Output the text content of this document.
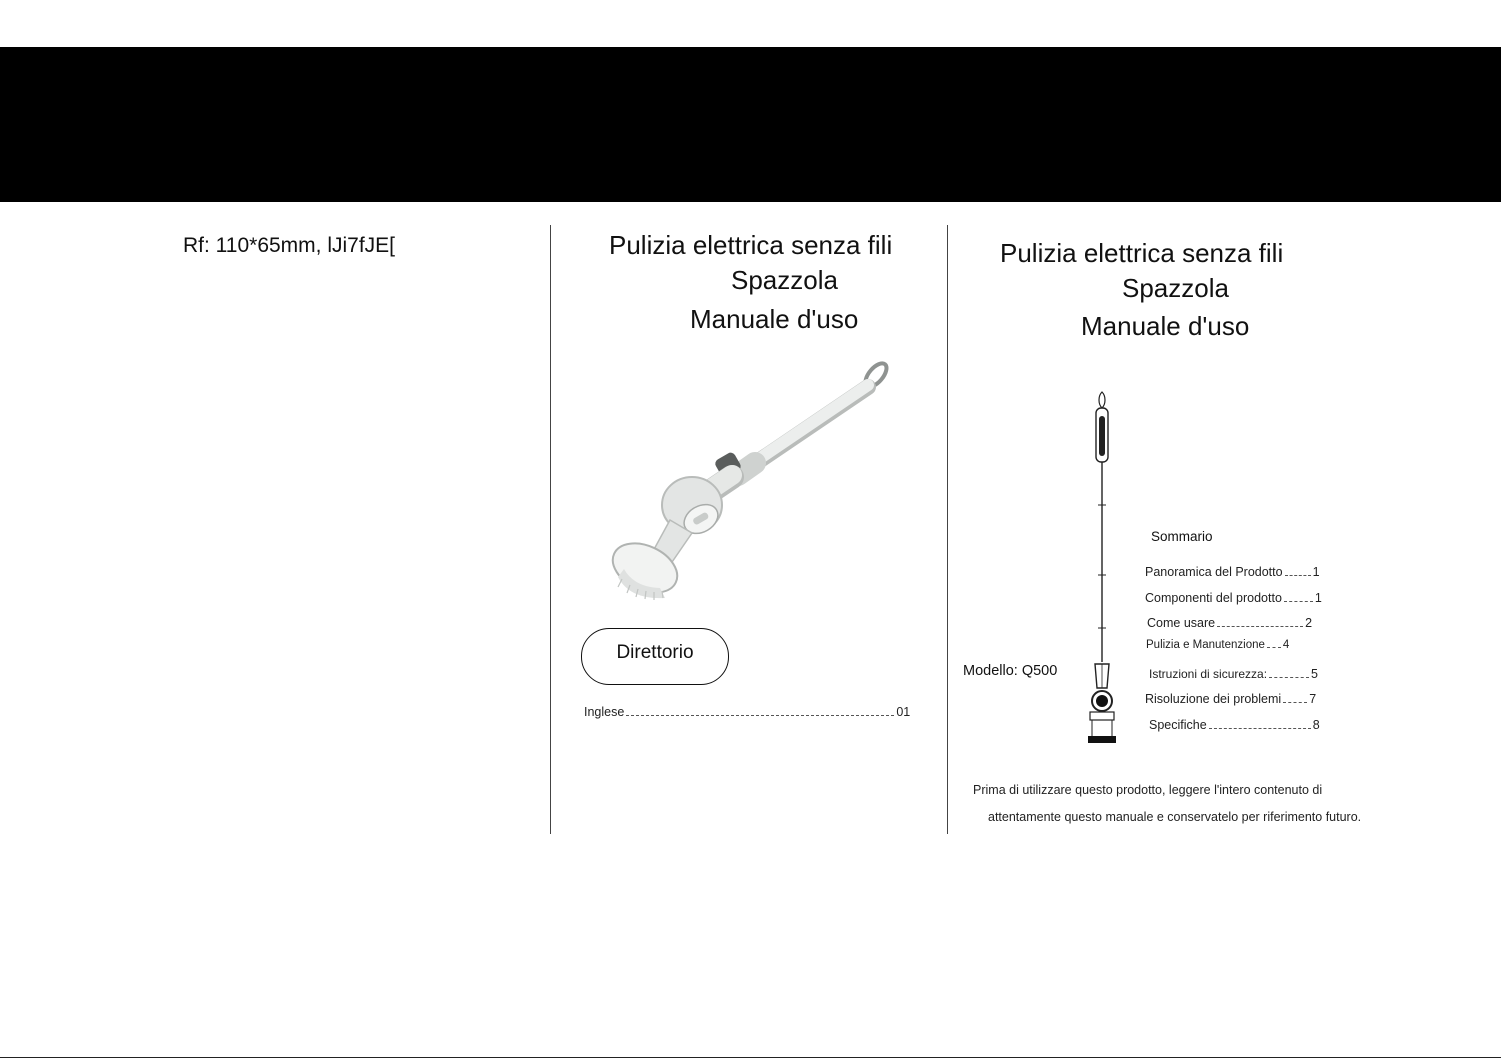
Rf: 110*65mm, lJi7fJE[	Pulizia elettrica senza fili
Spazzola
Manuale d'uso
Direttorio
Inglese	01
Pulizia elettrica senza fili
Spazzola
Manuale d'uso
Modello: Q500
Sommario
Panoramica del Prodotto 1
Componenti del prodotto	1
Come usare	2
Pulizia e Manutenzione 4
Istruzioni di sicurezza:	5
Risoluzione dei problemi 7
Specifiche	8
Prima di utilizzare questo prodotto, leggere l'intero contenuto di
attentamente questo manuale e conservatelo per riferimento futuro.
